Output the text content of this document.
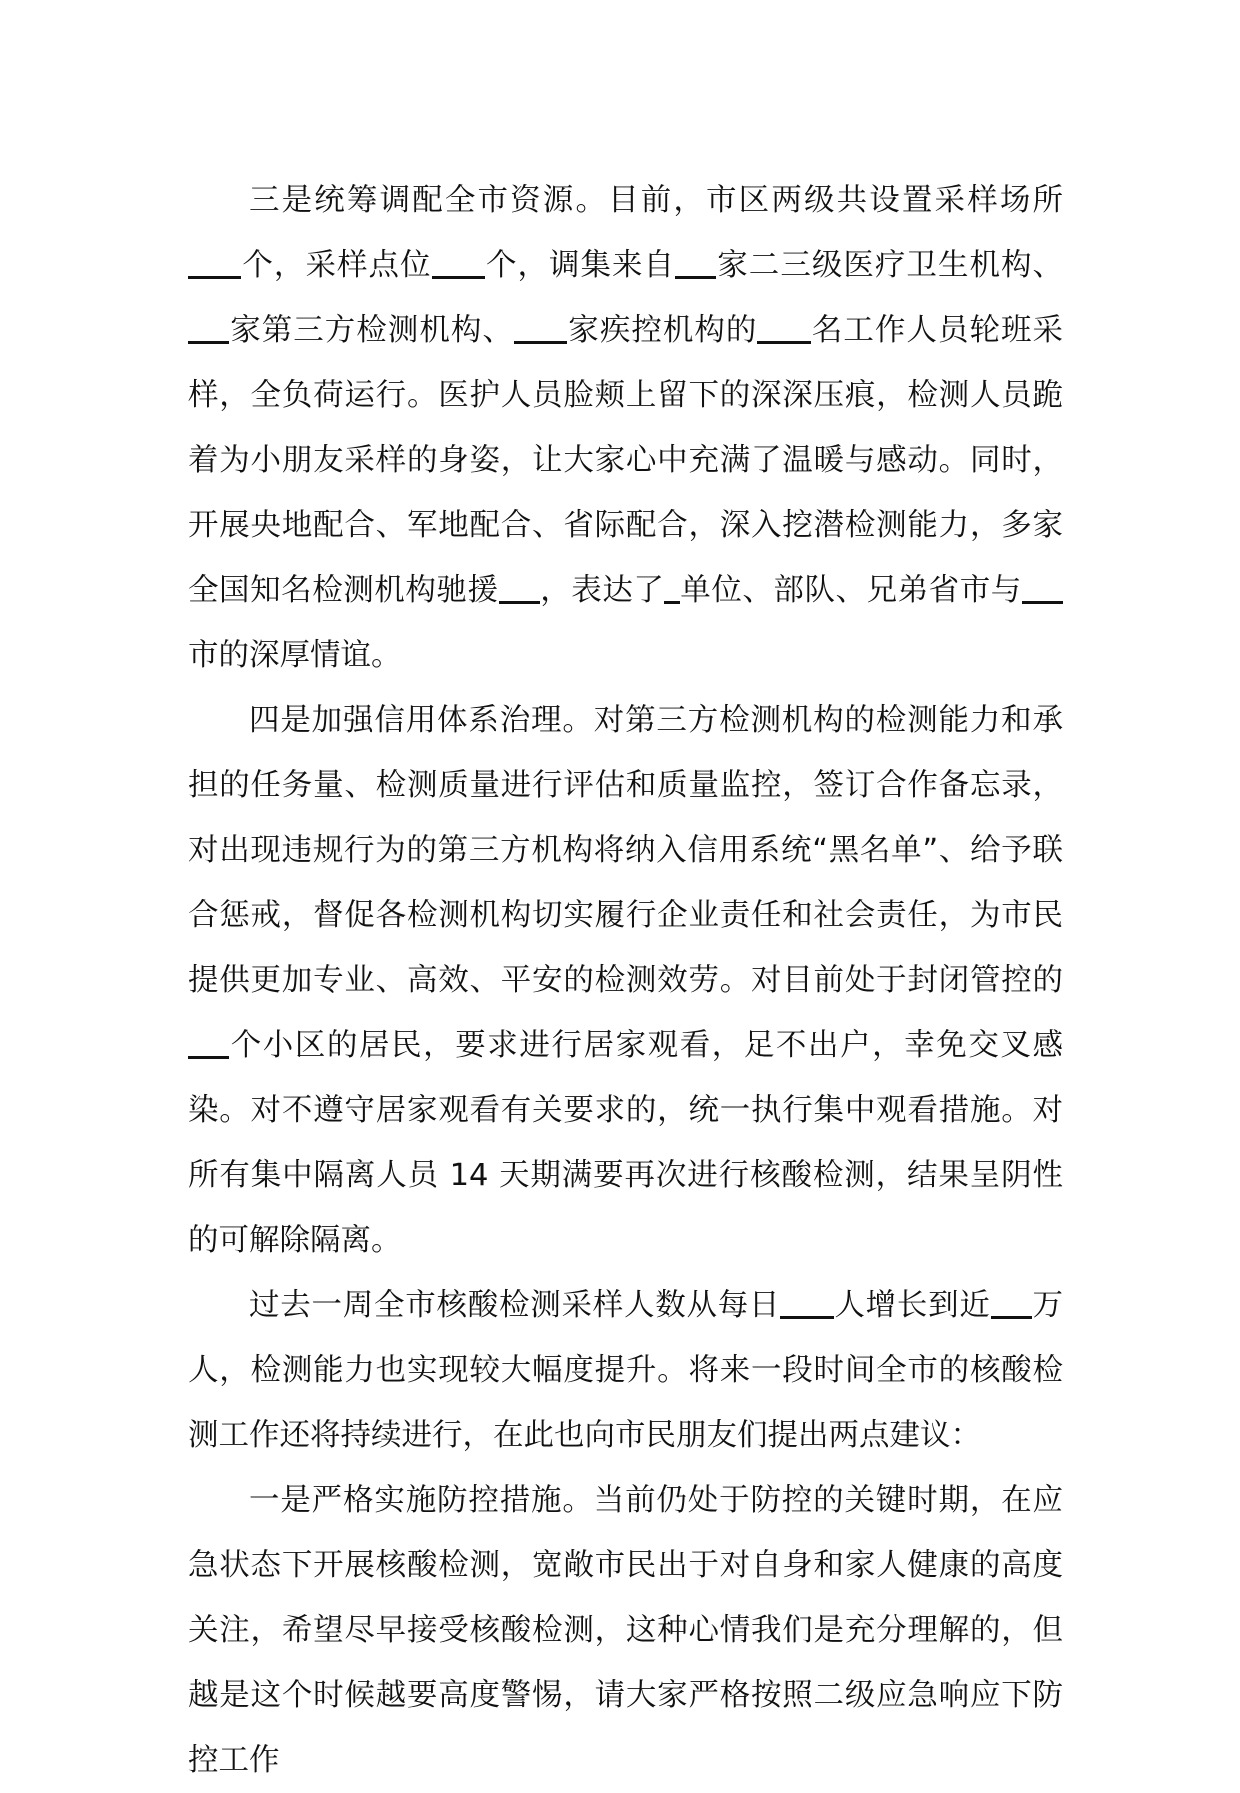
三是统筹调配全市资源。目前，市区两级共设置采样场所个，采样点位 个，调集来自 家二三级医疗卫生机构、家第三方检测机构、 家疾控机构的 名工作人员轮班采样，全负荷运行。医护人员脸颊上留下的深深压痕，检测人员跪着为小朋友采样的身姿，让大家心中充满了温暖与感动。同时，开展央地配合、军地配合、省际配合，深入挖潜检测能力，多家全国知名检测机构驰援 ，表达了 单位、部队、兄弟省市与市的深厚情谊。

四是加强信用体系治理。对第三方检测机构的检测能力和承担的任务量、检测质量进行评估和质量监控，签订合作备忘录，对出现违规行为的第三方机构将纳入信用系统“黑名单”、给予联合惩戒，督促各检测机构切实履行企业责任和社会责任，为市民提供更加专业、高效、平安的检测效劳。对目前处于封闭管控的个小区的居民，要求进行居家观看，足不出户，幸免交叉感染。对不遵守居家观看有关要求的，统一执行集中观看措施。对所有集中隔离人员 14 天期满要再次进行核酸检测，结果呈阴性的可解除隔离。

过去一周全市核酸检测采样人数从每日 人增长到近 万人，检测能力也实现较大幅度提升。将来一段时间全市的核酸检测工作还将持续进行，在此也向市民朋友们提出两点建议：

一是严格实施防控措施。当前仍处于防控的关键时期，在应急状态下开展核酸检测，宽敞市民出于对自身和家人健康的高度关注，希望尽早接受核酸检测，这种心情我们是充分理解的，但越是这个时候越要高度警惕，请大家严格按照二级应急响应下防控工作
